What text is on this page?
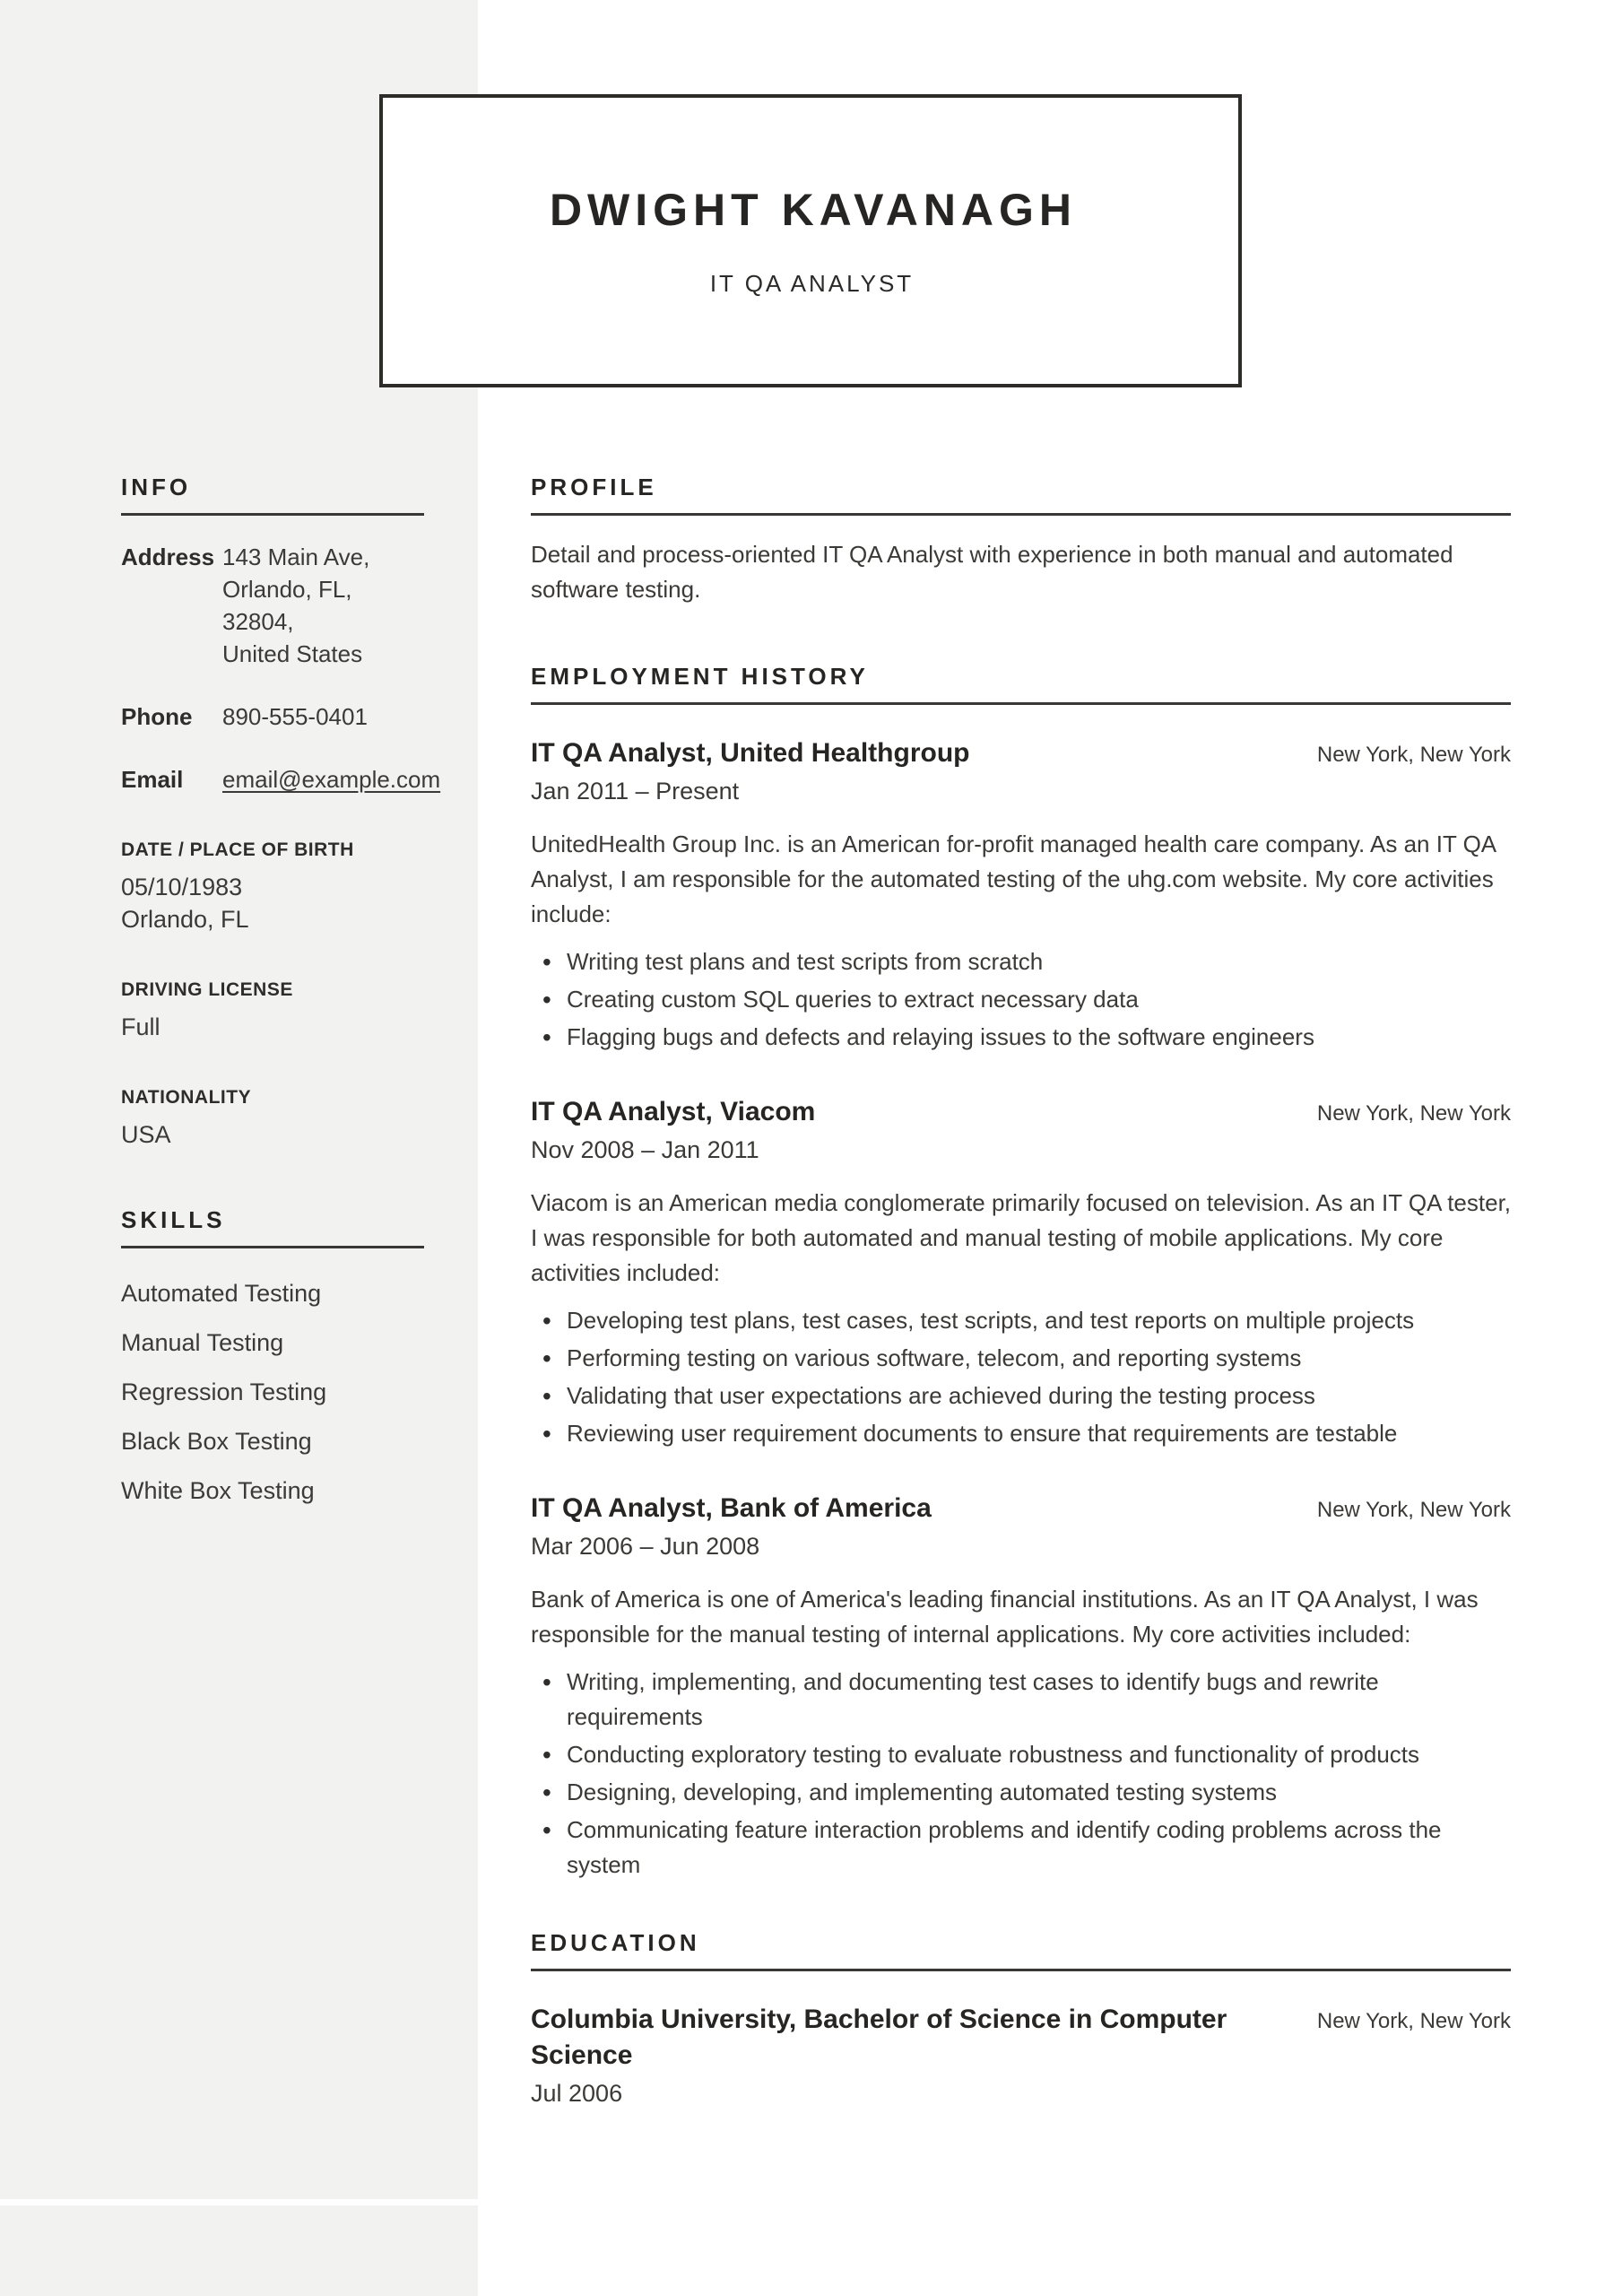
DWIGHT KAVANAGH
IT QA ANALYST
INFO
Address 143 Main Ave,
Orlando, FL, 32804,
United States
Phone	890-555-0401
Email	email@example.com
DATE / PLACE OF BIRTH
05/10/1983
Orlando, FL
DRIVING LICENSE
Full
NATIONALITY
USA
SKILLS
Automated Testing
Manual Testing
Regression Testing
Black Box Testing
White Box Testing
PROFILE

Detail and process-oriented IT QA Analyst with experience in both manual and automated software testing.

EMPLOYMENT HISTORY
IT QA Analyst, United Healthgroup	New York, New York
Jan 2011 – Present

UnitedHealth Group Inc. is an American for-profit managed health care company. As an IT QA Analyst, I am responsible for the automated testing of the uhg.com website. My core activities include:

• Writing test plans and test scripts from scratch
• Creating custom SQL queries to extract necessary data
• Flagging bugs and defects and relaying issues to the software engineers
IT QA Analyst, Viacom	New York, New York
Nov 2008 – Jan 2011

Viacom is an American media conglomerate primarily focused on television. As an IT QA tester, I was responsible for both automated and manual testing of mobile applications. My core activities included:

• Developing test plans, test cases, test scripts, and test reports on multiple projects
• Performing testing on various software, telecom, and reporting systems
• Validating that user expectations are achieved during the testing process
• Reviewing user requirement documents to ensure that requirements are testable
IT QA Analyst, Bank of America	New York, New York
Mar 2006 – Jun 2008

Bank of America is one of America's leading financial institutions. As an IT QA Analyst, I was responsible for the manual testing of internal applications. My core activities included:

• Writing, implementing, and documenting test cases to identify bugs and rewrite requirements
• Conducting exploratory testing to evaluate robustness and functionality of products
• Designing, developing, and implementing automated testing systems
• Communicating feature interaction problems and identify coding problems across the system
EDUCATION
Columbia University, Bachelor of Science in Computer Science
New York, New York
Jul 2006
